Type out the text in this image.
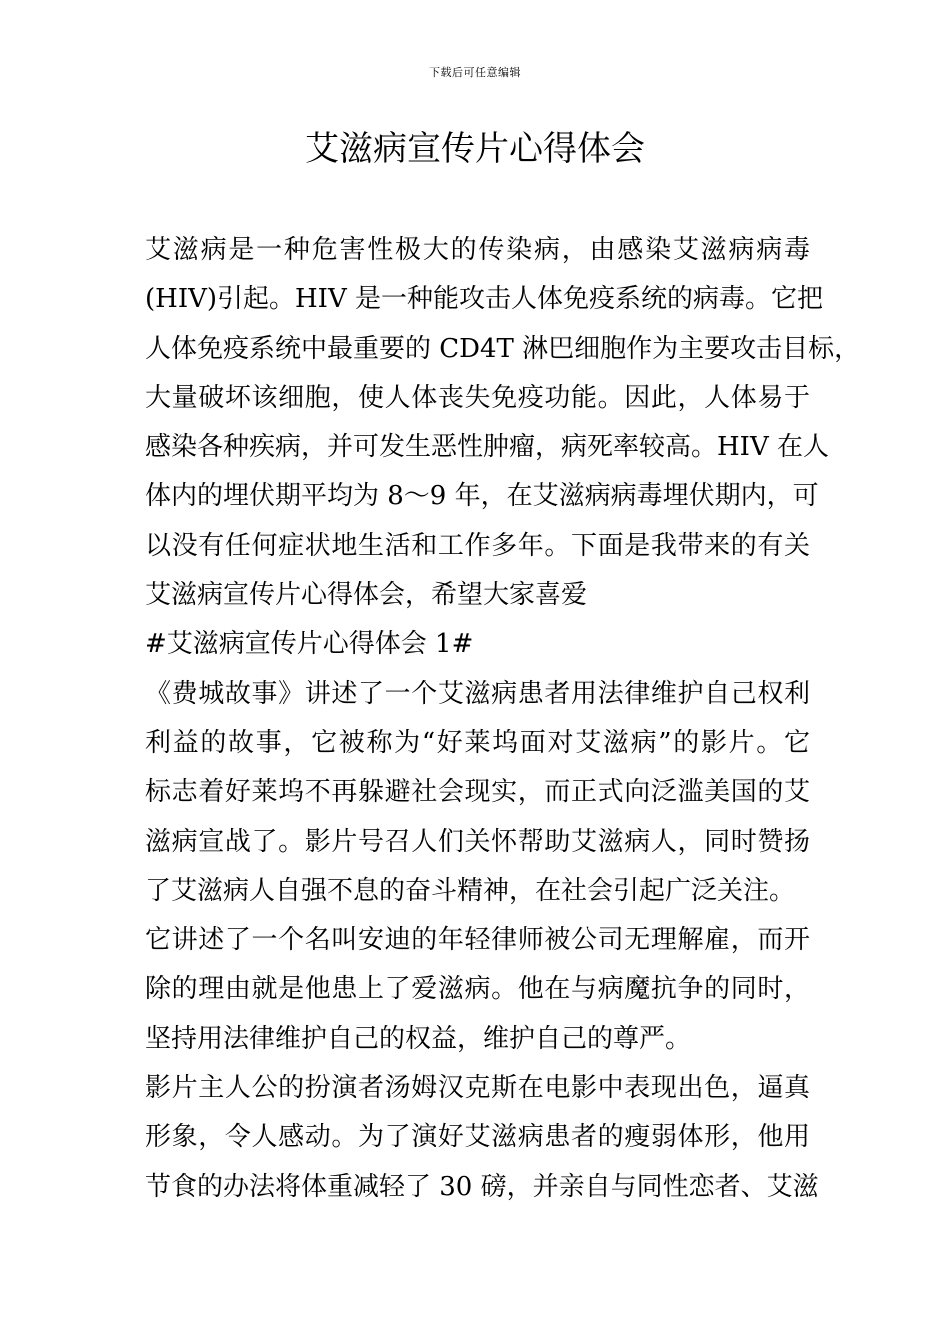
下载后可任意编辑
艾滋病宣传片心得体会
艾滋病是一种危害性极大的传染病，由感染艾滋病病毒
(HIV)引起。HIV 是一种能攻击人体免疫系统的病毒。它把
人体免疫系统中最重要的 CD4T 淋巴细胞作为主要攻击目标，
大量破坏该细胞，使人体丧失免疫功能。因此，人体易于
感染各种疾病，并可发生恶性肿瘤，病死率较高。HIV 在人
体内的埋伏期平均为 8～9 年，在艾滋病病毒埋伏期内，可
以没有任何症状地生活和工作多年。下面是我带来的有关
艾滋病宣传片心得体会，希望大家喜爱
#艾滋病宣传片心得体会 1#
《费城故事》讲述了一个艾滋病患者用法律维护自己权利
利益的故事，它被称为“好莱坞面对艾滋病”的影片。它
标志着好莱坞不再躲避社会现实，而正式向泛滥美国的艾
滋病宣战了。影片号召人们关怀帮助艾滋病人，同时赞扬
了艾滋病人自强不息的奋斗精神，在社会引起广泛关注。
它讲述了一个名叫安迪的年轻律师被公司无理解雇，而开
除的理由就是他患上了爱滋病。他在与病魔抗争的同时，
坚持用法律维护自己的权益，维护自己的尊严。
影片主人公的扮演者汤姆汉克斯在电影中表现出色，逼真
形象，令人感动。为了演好艾滋病患者的瘦弱体形，他用
节食的办法将体重减轻了 30 磅，并亲自与同性恋者、艾滋
